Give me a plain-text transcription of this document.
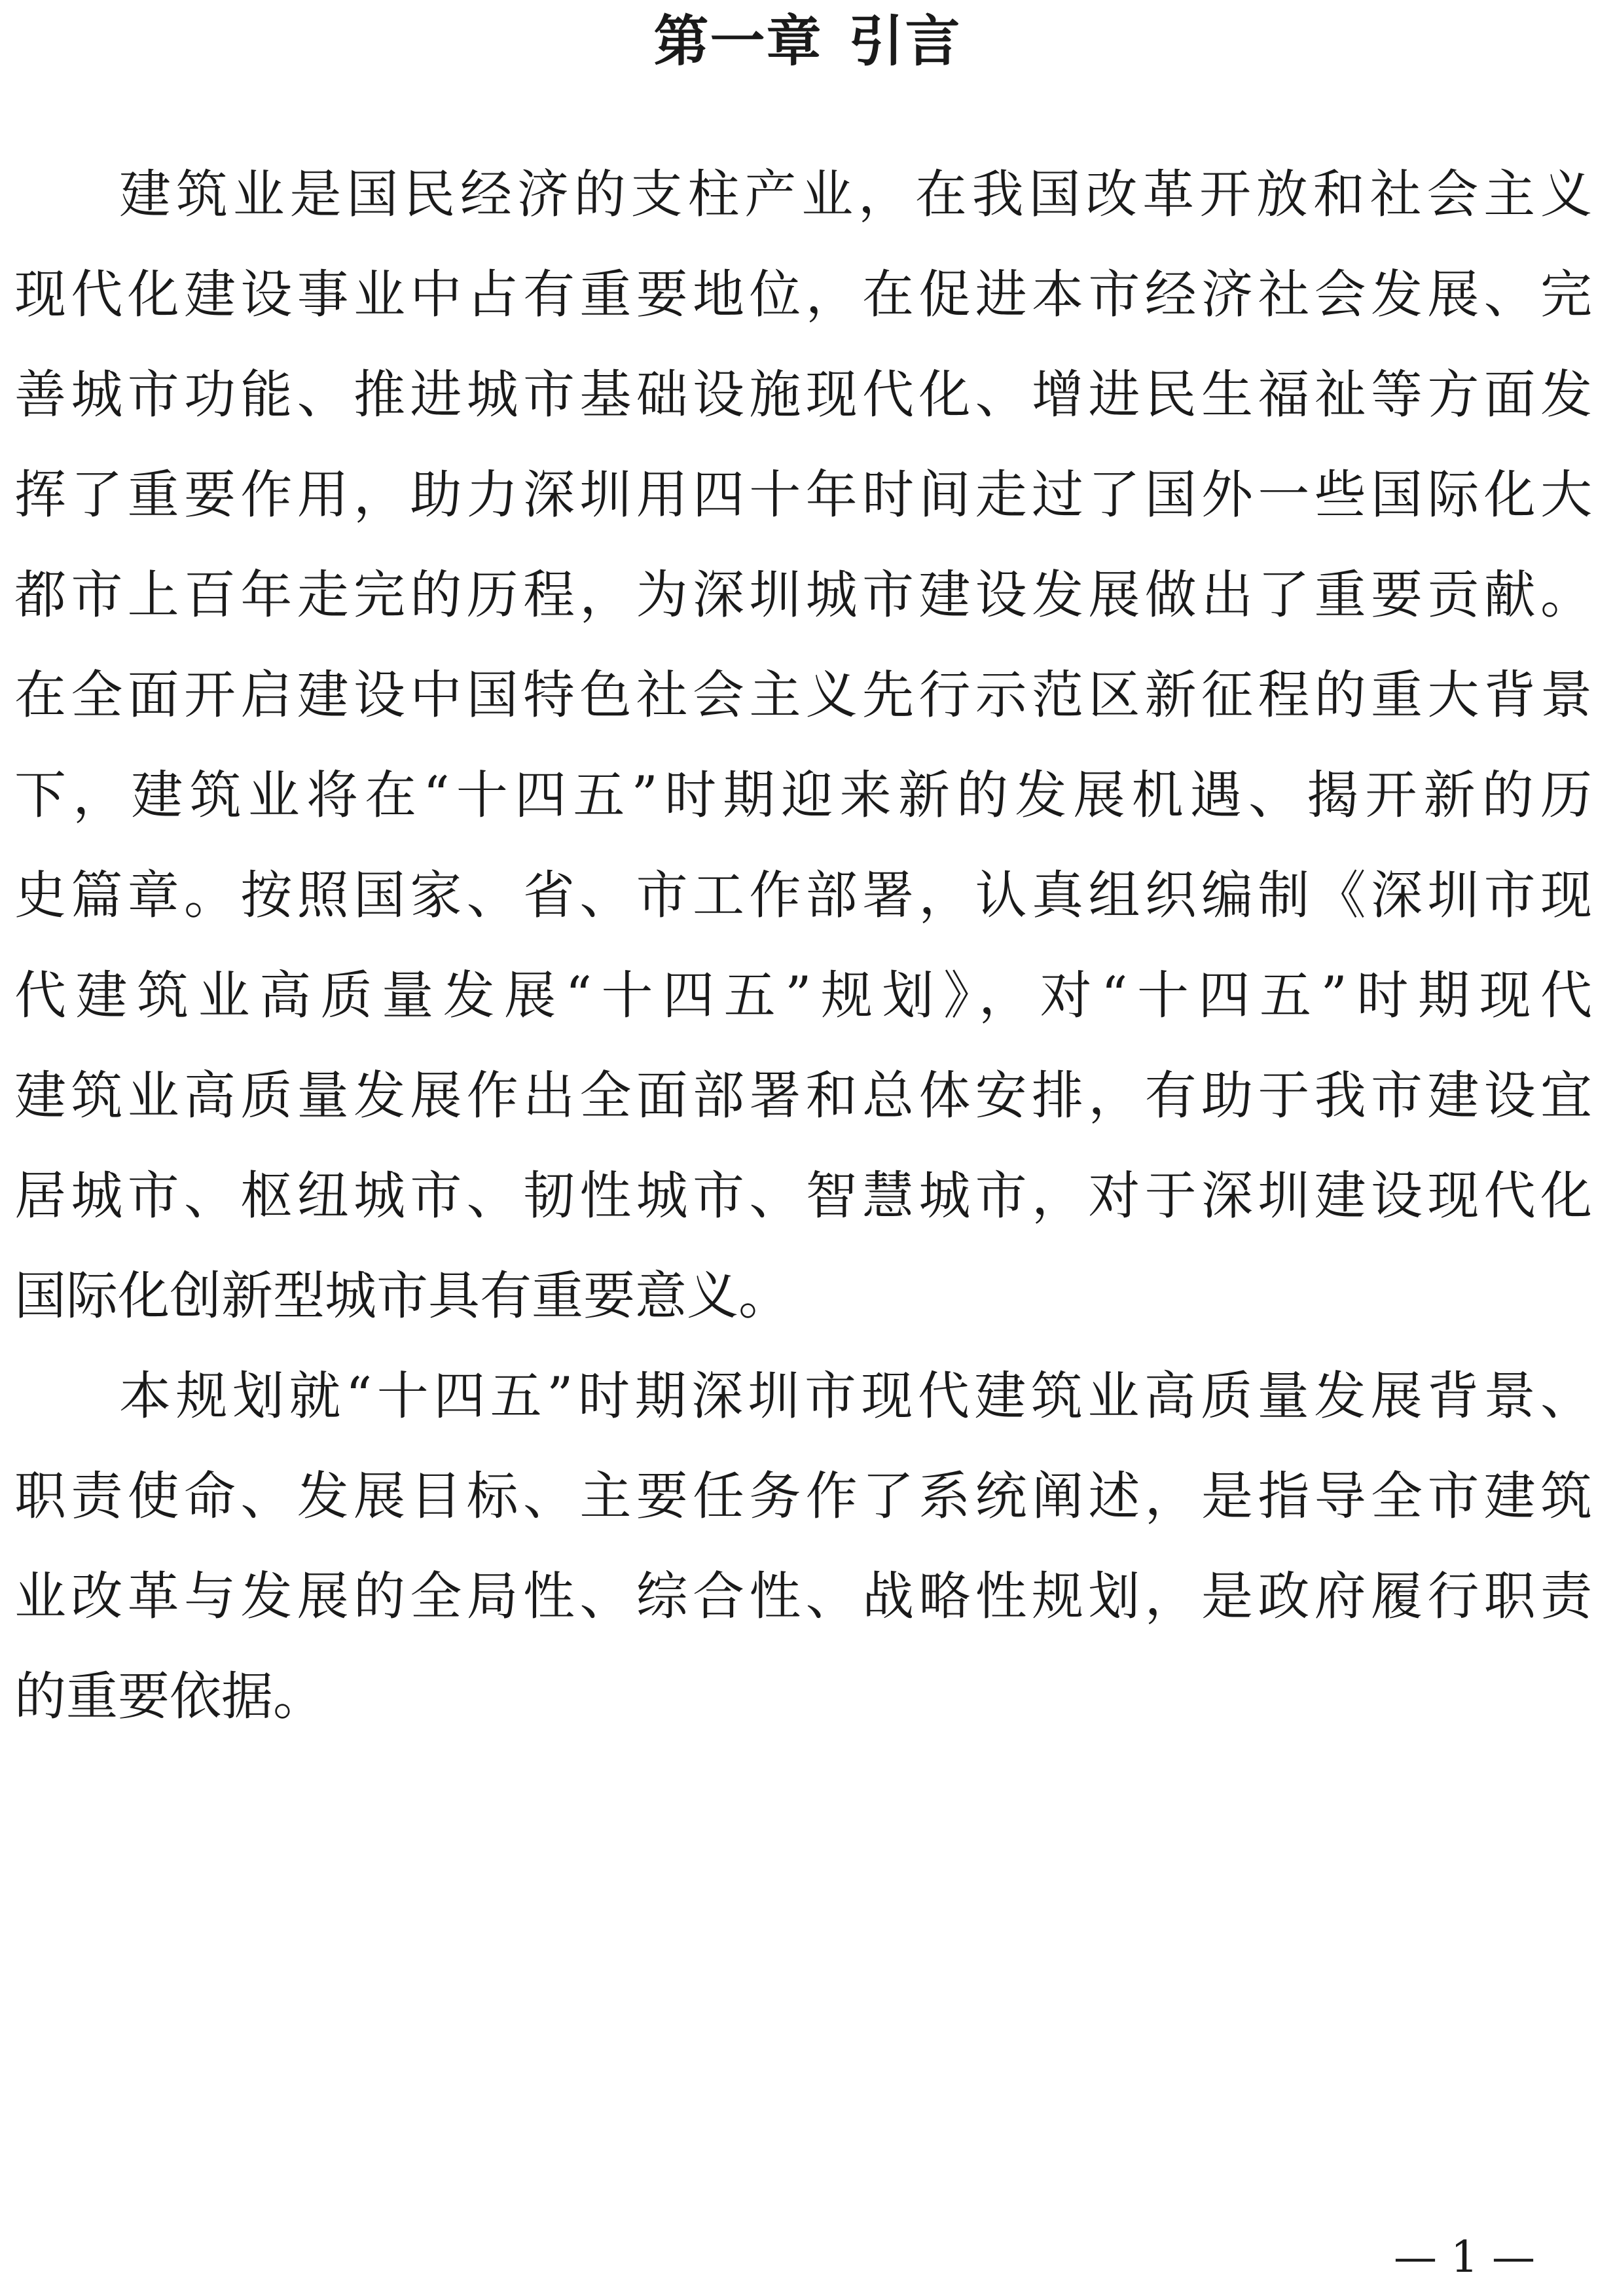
第一章 引言
建筑业是国民经济的支柱产业，在我国改革开放和社会主义
现代化建设事业中占有重要地位，在促进本市经济社会发展、完
善城市功能、推进城市基础设施现代化、增进民生福祉等方面发
挥了重要作用，助力深圳用四十年时间走过了国外一些国际化大
都市上百年走完的历程，为深圳城市建设发展做出了重要贡献。
在全面开启建设中国特色社会主义先行示范区新征程的重大背景
下，建筑业将在“十四五”时期迎来新的发展机遇、揭开新的历
史篇章。按照国家、省、市工作部署，认真组织编制《深圳市现
代建筑业高质量发展“十四五”规划》，对“十四五”时期现代
建筑业高质量发展作出全面部署和总体安排，有助于我市建设宜
居城市、枢纽城市、韧性城市、智慧城市，对于深圳建设现代化
国际化创新型城市具有重要意义。
本规划就“十四五”时期深圳市现代建筑业高质量发展背景、
职责使命、发展目标、主要任务作了系统阐述，是指导全市建筑
业改革与发展的全局性、综合性、战略性规划，是政府履行职责
的重要依据。
— 1 —
